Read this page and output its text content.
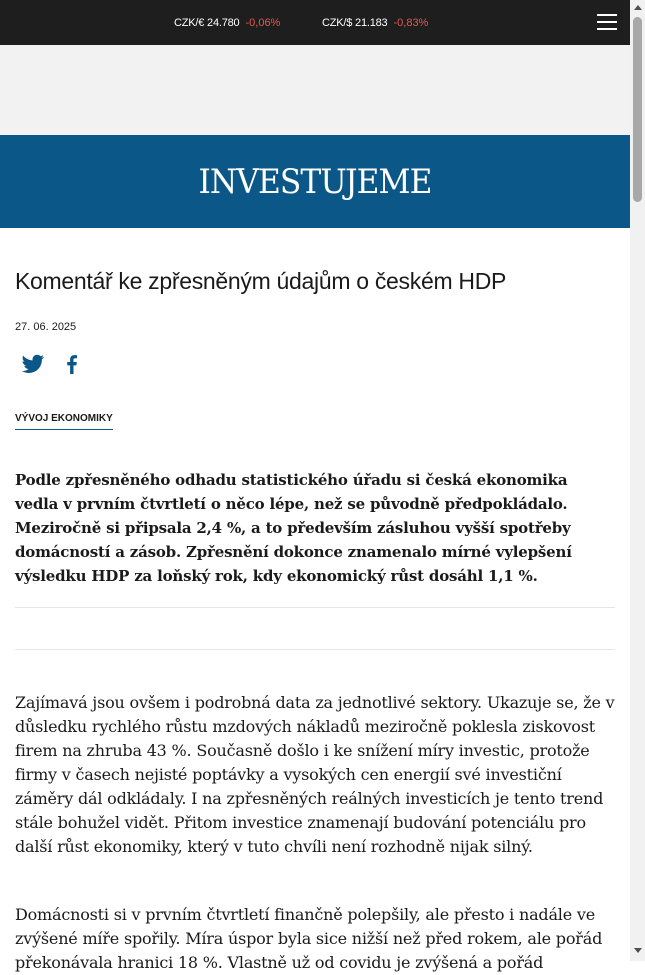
CZK/€ 24.780 -0,06%	CZK/$ 21.183 -0,83%
INVESTUJEME
Komentář ke zpřesněným údajům o českém HDP
27. 06. 2025
VÝVOJ EKONOMIKY

Podle zpřesněného odhadu statistického úřadu si česká ekonomika vedla v prvním čtvrtletí o něco lépe, než se původně předpokládalo. Meziročně si připsala 2,4 %, a to především zásluhou vyšší spotřeby domácností a zásob. Zpřesnění dokonce znamenalo mírné vylepšení výsledku HDP za loňský rok, kdy ekonomický růst dosáhl 1,1 %.

Zajímavá jsou ovšem i podrobná data za jednotlivé sektory. Ukazuje se, že v důsledku rychlého růstu mzdových nákladů meziročně poklesla ziskovost firem na zhruba 43 %. Současně došlo i ke snížení míry investic, protože firmy v časech nejisté poptávky a vysokých cen energií své investiční záměry dál odkládaly. I na zpřesněných reálných investicích je tento trend stále bohužel vidět. Přitom investice znamenají budování potenciálu pro další růst ekonomiky, který v tuto chvíli není rozhodně nijak silný.

Domácnosti si v prvním čtvrtletí finančně polepšily, ale přesto i nadále ve zvýšené míře spořily. Míra úspor byla sice nižší než před rokem, ale pořád překonávala hranici 18 %. Vlastně už od covidu je zvýšená a pořád
